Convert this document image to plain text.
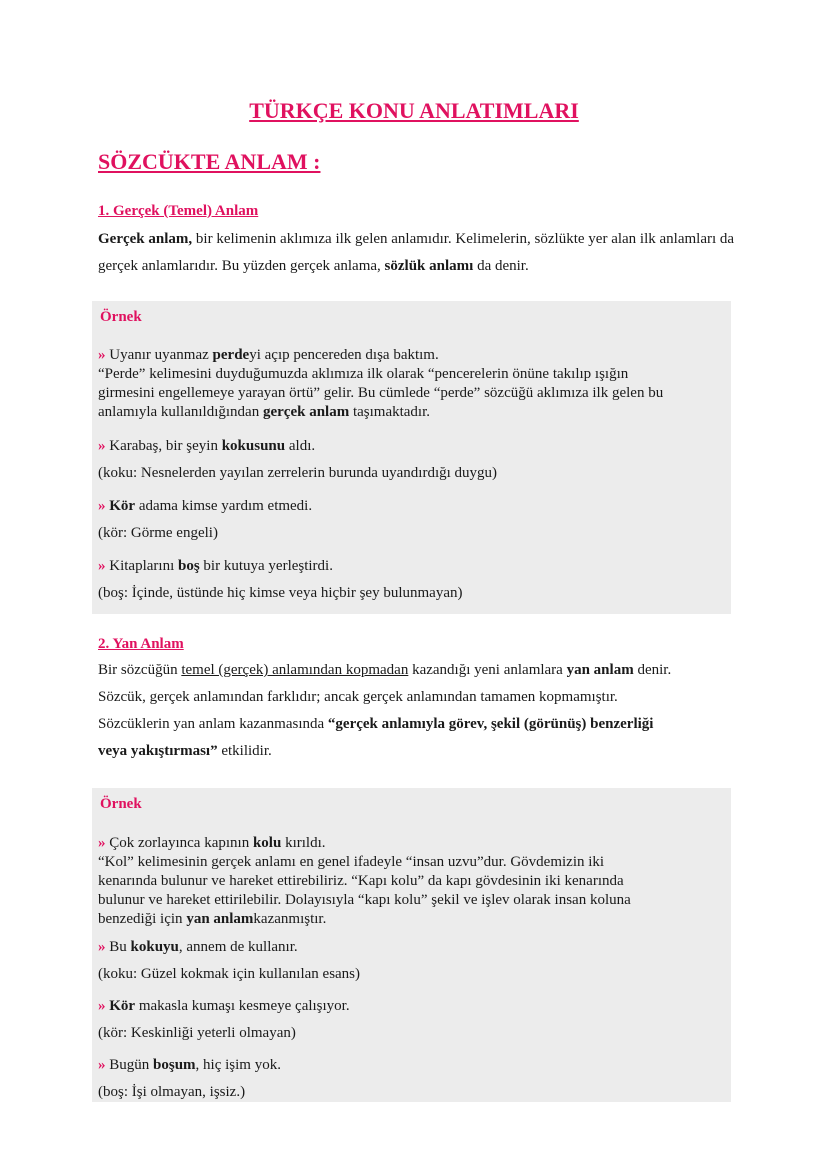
TÜRKÇE KONU ANLATIMLARI
SÖZCÜKTE ANLAM :
1. Gerçek (Temel) Anlam
Gerçek anlam, bir kelimenin aklımıza ilk gelen anlamıdır. Kelimelerin, sözlükte yer alan ilk anlamları da gerçek anlamlarıdır. Bu yüzden gerçek anlama, sözlük anlamı da denir.
Örnek
» Uyanır uyanmaz perdeyi açıp pencereden dışa baktım.
“Perde” kelimesini duyduğumuzda aklımıza ilk olarak “pencerelerin önüne takılıp ışığın
girmesini engellemeye yarayan örtü” gelir. Bu cümlede “perde” sözcüğü aklımıza ilk gelen bu
anlamıyla kullanıldığından gerçek anlam taşımaktadır.
» Karabaş, bir şeyin kokusunu aldı.
(koku: Nesnelerden yayılan zerrelerin burunda uyandırdığı duygu)
» Kör adama kimse yardım etmedi.
(kör: Görme engeli)
» Kitaplarını boş bir kutuya yerleştirdi.
(boş: İçinde, üstünde hiç kimse veya hiçbir şey bulunmayan)
2. Yan Anlam
Bir sözcüğün temel (gerçek) anlamından kopmadan kazandığı yeni anlamlara yan anlam denir. Sözcük, gerçek anlamından farklıdır; ancak gerçek anlamından tamamen kopmamıştır. Sözcüklerin yan anlam kazanmasında “gerçek anlamıyla görev, şekil (görünüş) benzerliği veya yakıştırması” etkilidir.
Örnek
» Çok zorlayınca kapının kolu kırıldı.
“Kol” kelimesinin gerçek anlamı en genel ifadeyle “insan uzvu”dur. Gövdemizin iki
kenarında bulunur ve hareket ettirebiliriz. “Kapı kolu” da kapı gövdesinin iki kenarında
bulunur ve hareket ettirilebilir. Dolayısıyla “kapı kolu” şekil ve işlev olarak insan koluna
benzediği için yan anlamkazanmıştır.
» Bu kokuyu, annem de kullanır.
(koku: Güzel kokmak için kullanılan esans)
» Kör makasla kumaşı kesmeye çalışıyor.
(kör: Keskinliği yeterli olmayan)
» Bugün boşum, hiç işim yok.
(boş: İşi olmayan, işsiz.)
